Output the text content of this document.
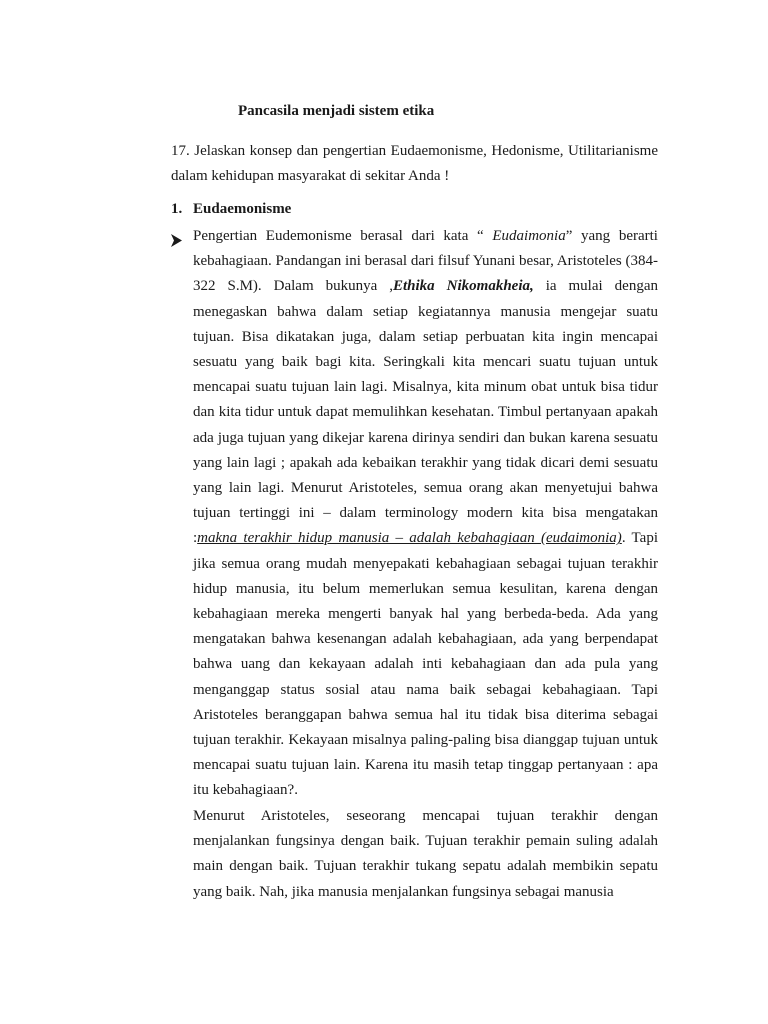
Pancasila menjadi sistem etika
17. Jelaskan konsep dan pengertian Eudaemonisme, Hedonisme, Utilitarianisme dalam kehidupan masyarakat di sekitar Anda !
1. Eudaemonisme
Pengertian Eudemonisme berasal dari kata “ Eudaimonia” yang berarti kebahagiaan. Pandangan ini berasal dari filsuf Yunani besar, Aristoteles (384-322 S.M). Dalam bukunya ,Ethika Nikomakheia, ia mulai dengan menegaskan bahwa dalam setiap kegiatannya manusia mengejar suatu tujuan. Bisa dikatakan juga, dalam setiap perbuatan kita ingin mencapai sesuatu yang baik bagi kita. Seringkali kita mencari suatu tujuan untuk mencapai suatu tujuan lain lagi. Misalnya, kita minum obat untuk bisa tidur dan kita tidur untuk dapat memulihkan kesehatan. Timbul pertanyaan apakah ada juga tujuan yang dikejar karena dirinya sendiri dan bukan karena sesuatu yang lain lagi ; apakah ada kebaikan terakhir yang tidak dicari demi sesuatu yang lain lagi. Menurut Aristoteles, semua orang akan menyetujui bahwa tujuan tertinggi ini – dalam terminology modern kita bisa mengatakan :makna terakhir hidup manusia – adalah kebahagiaan (eudaimonia). Tapi jika semua orang mudah menyepakati kebahagiaan sebagai tujuan terakhir hidup manusia, itu belum memerlukan semua kesulitan, karena dengan kebahagiaan mereka mengerti banyak hal yang berbeda-beda. Ada yang mengatakan bahwa kesenangan adalah kebahagiaan, ada yang berpendapat bahwa uang dan kekayaan adalah inti kebahagiaan dan ada pula yang menganggap status sosial atau nama baik sebagai kebahagiaan. Tapi Aristoteles beranggapan bahwa semua hal itu tidak bisa diterima sebagai tujuan terakhir. Kekayaan misalnya paling-paling bisa dianggap tujuan untuk mencapai suatu tujuan lain. Karena itu masih tetap tinggap pertanyaan : apa itu kebahagiaan?.
Menurut Aristoteles, seseorang mencapai tujuan terakhir dengan menjalankan fungsinya dengan baik. Tujuan terakhir pemain suling adalah main dengan baik. Tujuan terakhir tukang sepatu adalah membikin sepatu yang baik. Nah, jika manusia menjalankan fungsinya sebagai manusia
